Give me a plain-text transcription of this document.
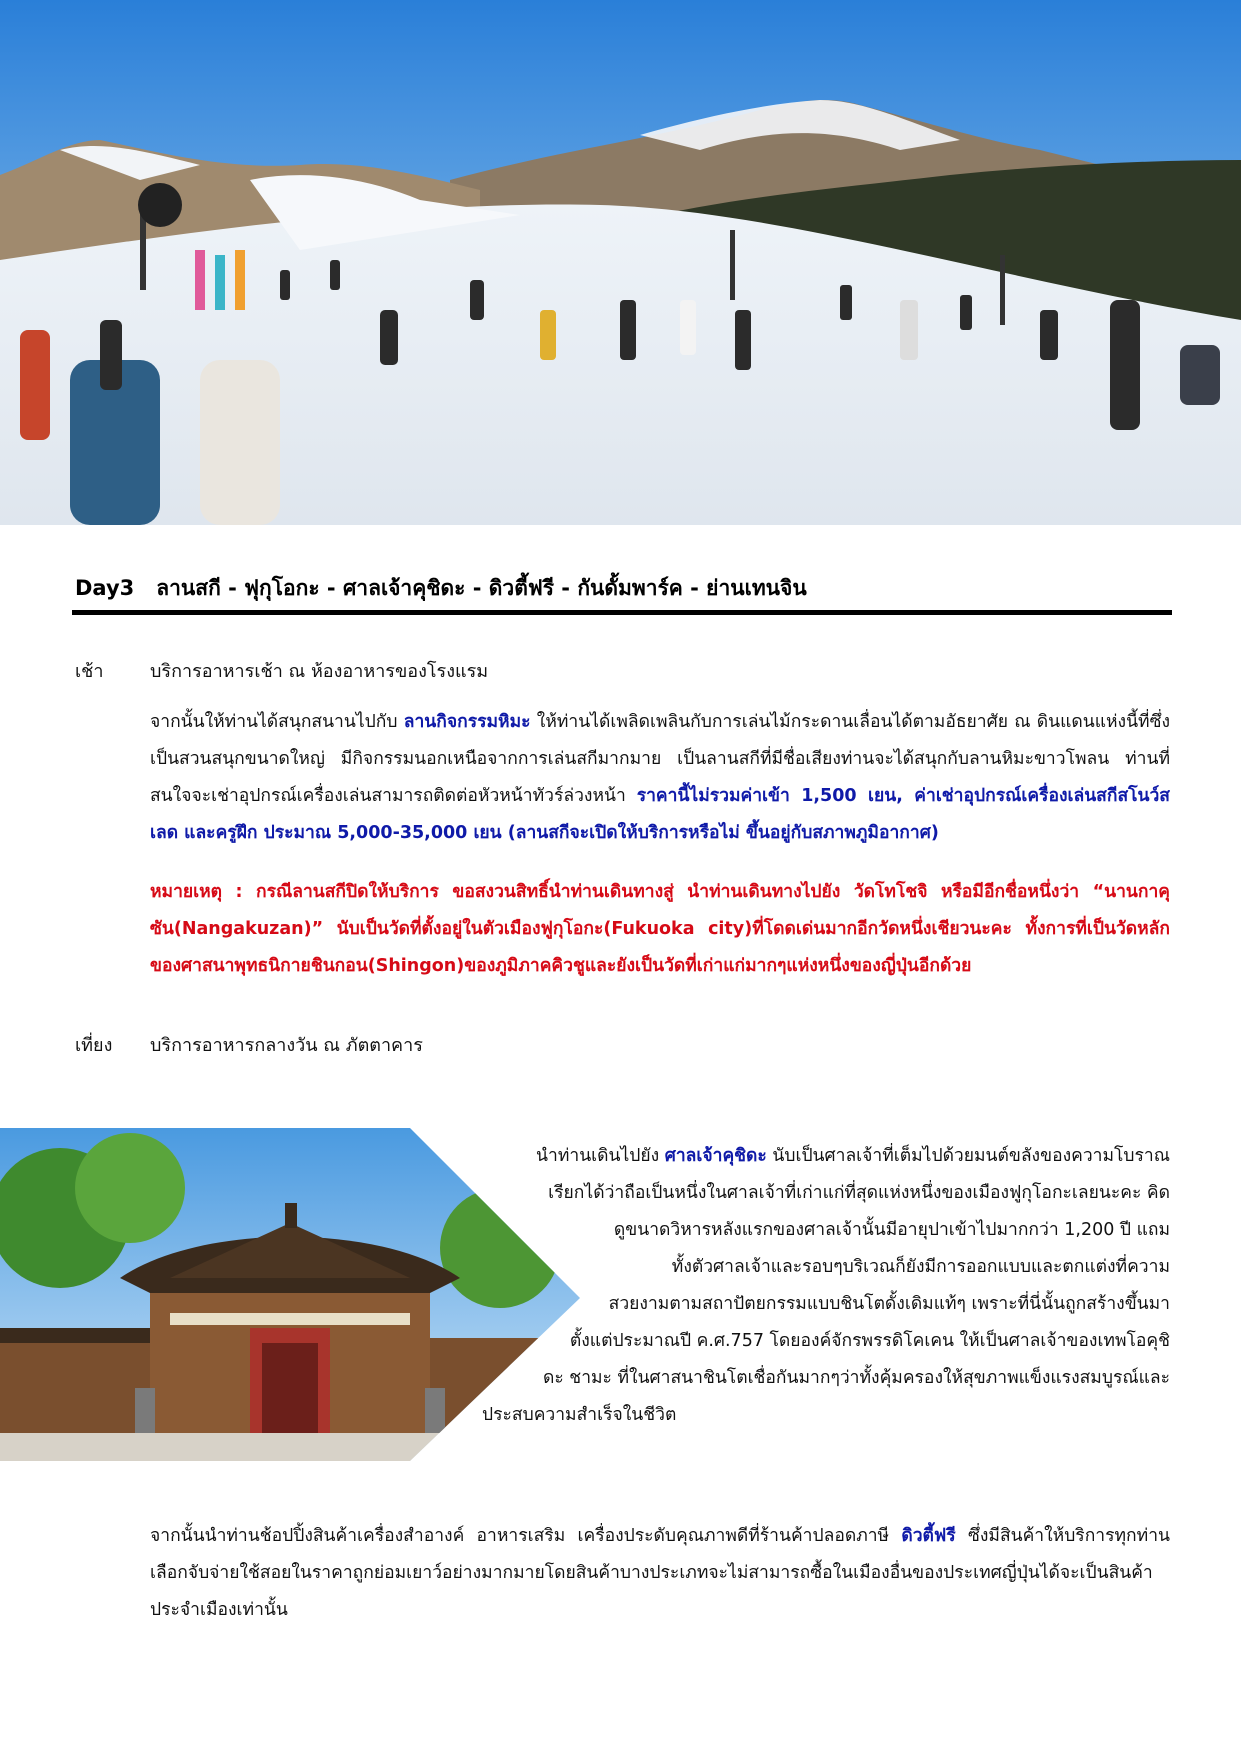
Day3 ลานสกี - ฟุกุโอกะ - ศาลเจ้าคุชิดะ - ดิวตี้ฟรี - กันดั้มพาร์ค - ย่านเทนจิน
เช้า	บริการอาหารเช้า ณ ห้องอาหารของโรงแรม
จากนั้นให้ท่านได้สนุกสนานไปกับ ลานกิจกรรมหิมะ ให้ท่านได้เพลิดเพลินกับการเล่นไม้กระดานเลื่อนได้ตามอัธยาศัย ณ ดินแดนแห่งนี้ที่ซึ่งเป็นสวนสนุกขนาดใหญ่ มีกิจกรรมนอกเหนือจากการเล่นสกีมากมาย เป็นลานสกีที่มีชื่อเสียงท่านจะได้สนุกกับลานหิมะขาวโพลน ท่านที่สนใจจะเช่าอุปกรณ์เครื่องเล่นสามารถติดต่อหัวหน้าทัวร์ล่วงหน้า ราคานี้ไม่รวมค่าเข้า 1,500 เยน, ค่าเช่าอุปกรณ์เครื่องเล่นสกีสโนว์สเลด และครูฝึก ประมาณ 5,000-35,000 เยน (ลานสกีจะเปิดให้บริการหรือไม่ ขึ้นอยู่กับสภาพภูมิอากาศ)
หมายเหตุ : กรณีลานสกีปิดให้บริการ ขอสงวนสิทธิ์นำท่านเดินทางสู่ นำท่านเดินทางไปยัง วัดโทโชจิ หรือมีอีกชื่อหนึ่งว่า “นานกาคุซัน(Nangakuzan)” นับเป็นวัดที่ตั้งอยู่ในตัวเมืองฟูกุโอกะ(Fukuoka city)ที่โดดเด่นมากอีกวัดหนึ่งเชียวนะคะ ทั้งการที่เป็นวัดหลักของศาสนาพุทธนิกายชินกอน(Shingon)ของภูมิภาคคิวชูและยังเป็นวัดที่เก่าแก่มากๆแห่งหนึ่งของญี่ปุ่นอีกด้วย
เที่ยง บริการอาหารกลางวัน ณ ภัตตาคาร
นำท่านเดินไปยัง ศาลเจ้าคุชิดะ นับเป็นศาลเจ้าที่เต็มไปด้วยมนต์ขลังของความโบราณ
เรียกได้ว่าถือเป็นหนึ่งในศาลเจ้าที่เก่าแก่ที่สุดแห่งหนึ่งของเมืองฟูกุโอกะเลยนะคะ คิด
ดูขนาดวิหารหลังแรกของศาลเจ้านั้นมีอายุปาเข้าไปมากกว่า 1,200 ปี แถม
ทั้งตัวศาลเจ้าและรอบๆบริเวณก็ยังมีการออกแบบและตกแต่งที่ความ
สวยงามตามสถาปัตยกรรมแบบชินโตดั้งเดิมแท้ๆ เพราะที่นี่นั้นถูกสร้างขึ้นมา
ตั้งแต่ประมาณปี ค.ศ.757 โดยองค์จักรพรรดิโคเคน ให้เป็นศาลเจ้าของเทพโอคุชิ
ดะ ชามะ ที่ในศาสนาชินโตเชื่อกันมากๆว่าทั้งคุ้มครองให้สุขภาพแข็งแรงสมบูรณ์และ
ประสบความสำเร็จในชีวิต
จากนั้นนำท่านช้อปปิ้งสินค้าเครื่องสำอางค์ อาหารเสริม เครื่องประดับคุณภาพดีที่ร้านค้าปลอดภาษี ดิวตี้ฟรี ซึ่งมีสินค้าให้บริการทุกท่านเลือกจับจ่ายใช้สอยในราคาถูกย่อมเยาว์อย่างมากมายโดยสินค้าบางประเภทจะไม่สามารถซื้อในเมืองอื่นของประเทศญี่ปุ่นได้จะเป็นสินค้าประจำเมืองเท่านั้น
